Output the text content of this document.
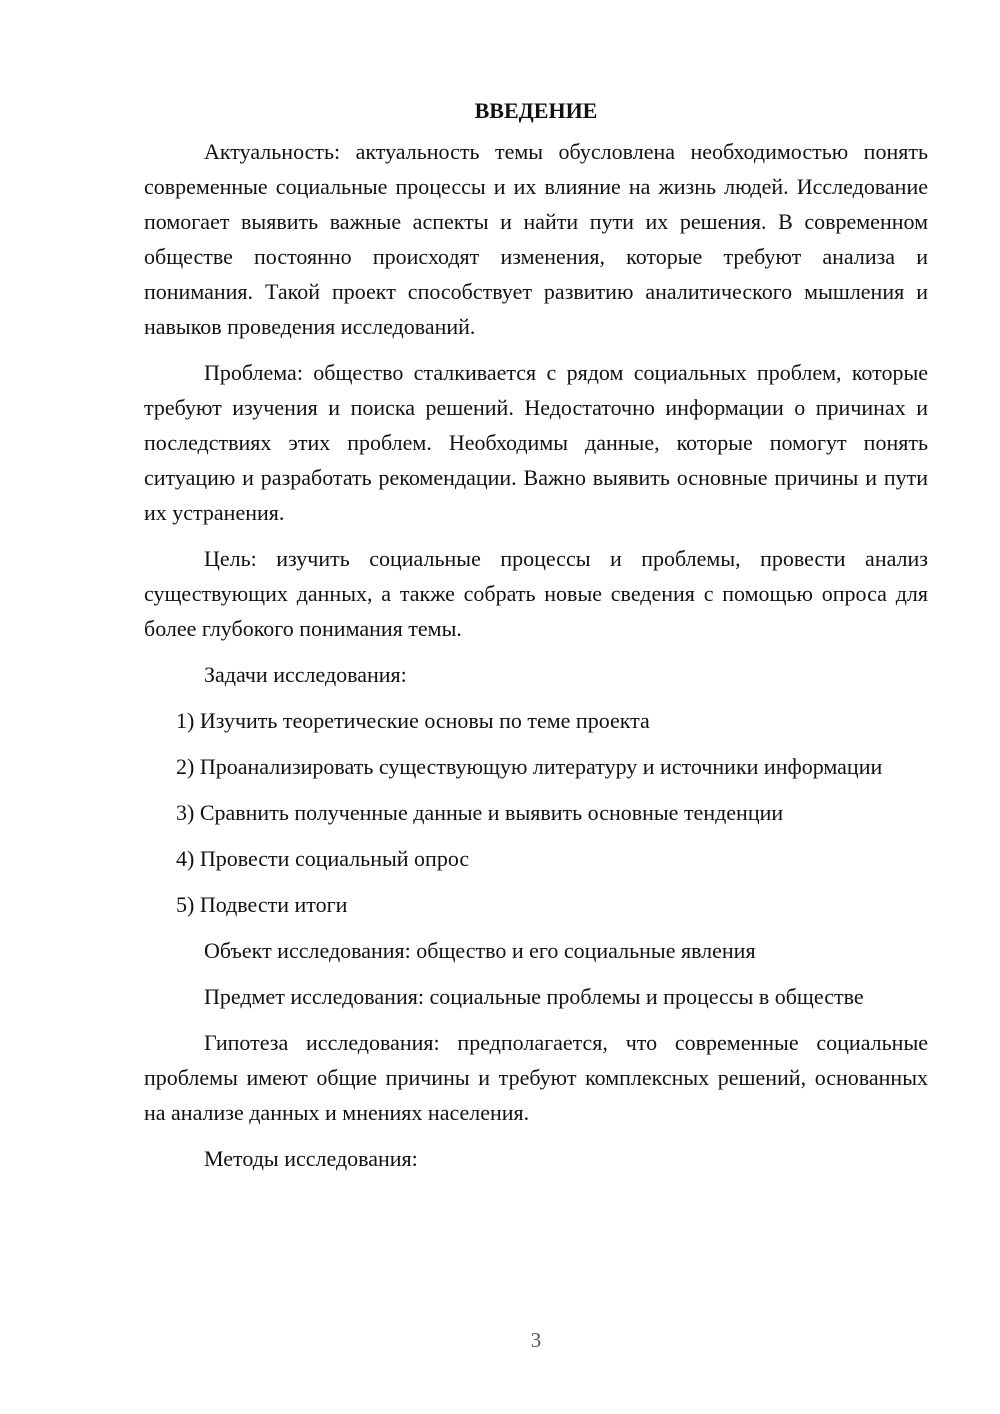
ВВЕДЕНИЕ

Актуальность: актуальность темы обусловлена необходимостью понять современные социальные процессы и их влияние на жизнь людей. Исследование помогает выявить важные аспекты и найти пути их решения. В современном обществе постоянно происходят изменения, которые требуют анализа и понимания. Такой проект способствует развитию аналитического мышления и навыков проведения исследований.

Проблема: общество сталкивается с рядом социальных проблем, которые требуют изучения и поиска решений. Недостаточно информации о причинах и последствиях этих проблем. Необходимы данные, которые помогут понять ситуацию и разработать рекомендации. Важно выявить основные причины и пути их устранения.

Цель: изучить социальные процессы и проблемы, провести анализ существующих данных, а также собрать новые сведения с помощью опроса для более глубокого понимания темы.

Задачи исследования:

1) Изучить теоретические основы по теме проекта

2) Проанализировать существующую литературу и источники информации

3) Сравнить полученные данные и выявить основные тенденции

4) Провести социальный опрос

5) Подвести итоги

Объект исследования: общество и его социальные явления

Предмет исследования: социальные проблемы и процессы в обществе

Гипотеза исследования: предполагается, что современные социальные проблемы имеют общие причины и требуют комплексных решений, основанных на анализе данных и мнениях населения.

Методы исследования:

3
